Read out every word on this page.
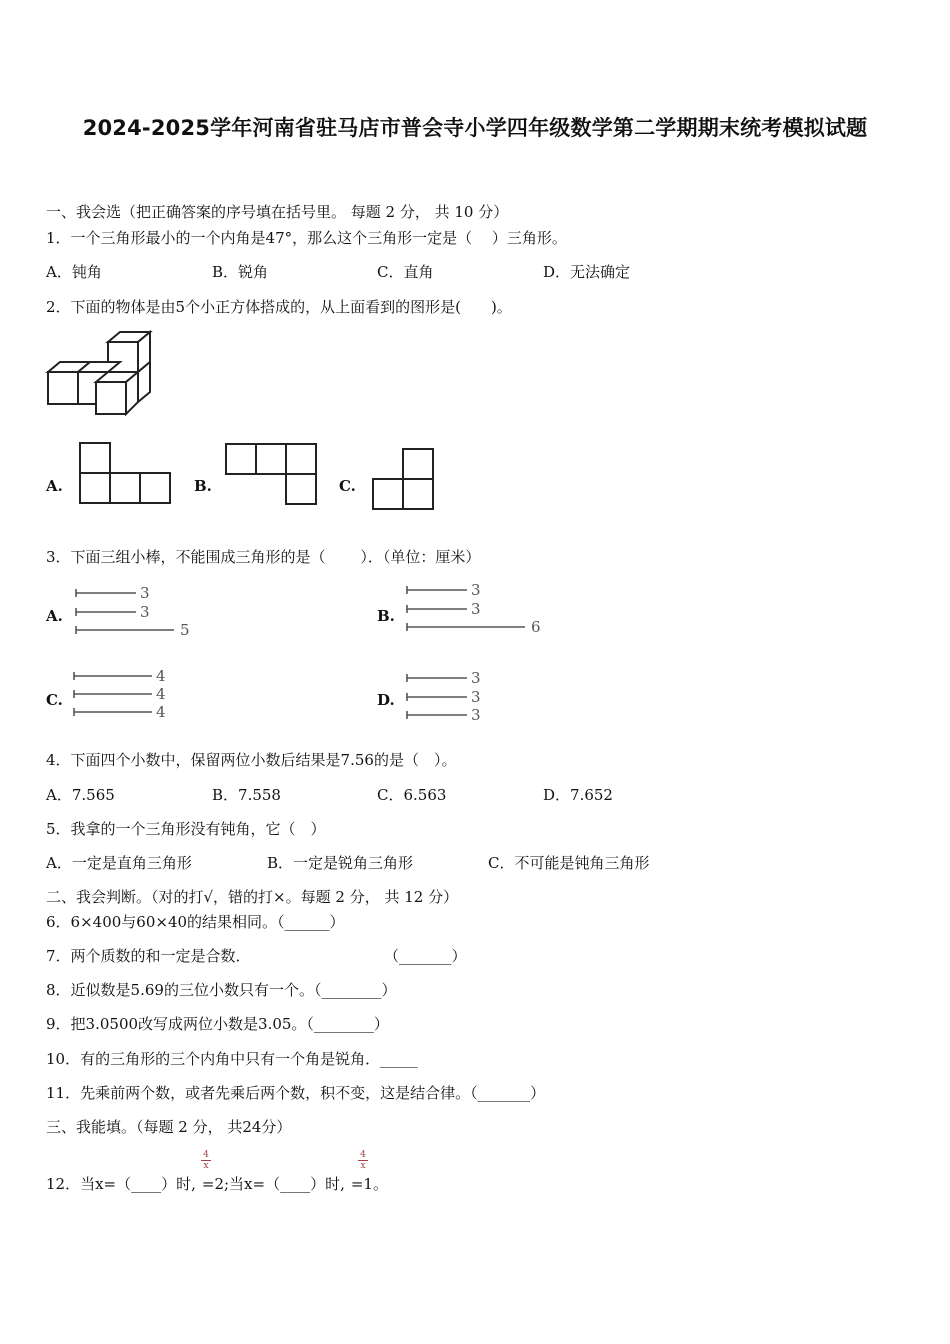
2024-2025学年河南省驻马店市普会寺小学四年级数学第二学期期末统考模拟试题
一、我会选（把正确答案的序号填在括号里。 每题 2 分， 共 10 分）
1．一个三角形最小的一个内角是47°，那么这个三角形一定是（　 ）三角形。
A．钝角	B．锐角	C．直角	D．无法确定
2．下面的物体是由5个小正方体搭成的，从上面看到的图形是(　　)。
A.	B.	C.
3．下面三组小棒，不能围成三角形的是（　　 ）．（单位：厘米）
A.
3
3
5
B.
3
3
6
C.
4
4
4
D.
3
3
3
4．下面四个小数中，保留两位小数后结果是7.56的是（　）。
A．7.565	B．7.558	C．6.563	D．7.652
5．我拿的一个三角形没有钝角，它（　）
A．一定是直角三角形	B．一定是锐角三角形	C．不可能是钝角三角形
二、我会判断。（对的打√，错的打×。每题 2 分， 共 12 分）
6．6×400与60×40的结果相同。（______）
7．两个质数的和一定是合数．	（_______）
8．近似数是5.69的三位小数只有一个。（________）
9．把3.0500改写成两位小数是3.05。（________）
10．有的三角形的三个内角中只有一个角是锐角．_____
11．先乘前两个数，或者先乘后两个数，积不变，这是结合律。（_______）
三、我能填。（每题 2 分， 共24分）
12．当x=（____）时, =2;当x=（____）时, =1。
$\frac{4}{x}$	$\frac{4}{x}$
